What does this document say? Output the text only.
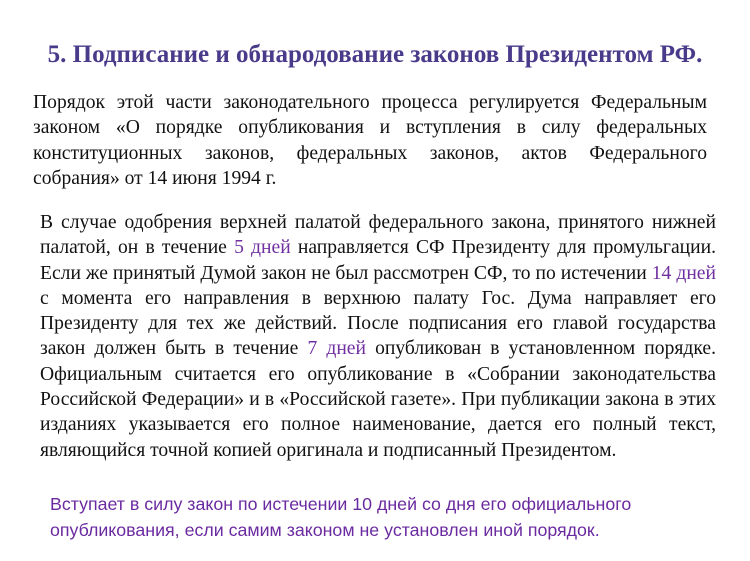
5. Подписание и обнародование законов Президентом РФ.

Порядок этой части законодательного процесса регулируется Федеральным законом «О порядке опубликования и вступления в силу федеральных конституционных законов, федеральных законов, актов Федерального собрания» от 14 июня 1994 г.

В случае одобрения верхней палатой федерального закона, принятого нижней палатой, он в течение 5 дней направляется СФ Президенту для промульгации. Если же принятый Думой закон не был рассмотрен СФ, то по истечении 14 дней с момента его направления в верхнюю палату Гос. Дума направляет его Президенту для тех же действий. После подписания его главой государства закон должен быть в течение 7 дней опубликован в установленном порядке. Официальным считается его опубликование в «Собрании законодательства Российской Федерации» и в «Российской газете». При публикации закона в этих изданиях указывается его полное наименование, дается его полный текст, являющийся точной копией оригинала и подписанный Президентом.

Вступает в силу закон по истечении 10 дней со дня его официального опубликования, если самим законом не установлен иной порядок.
